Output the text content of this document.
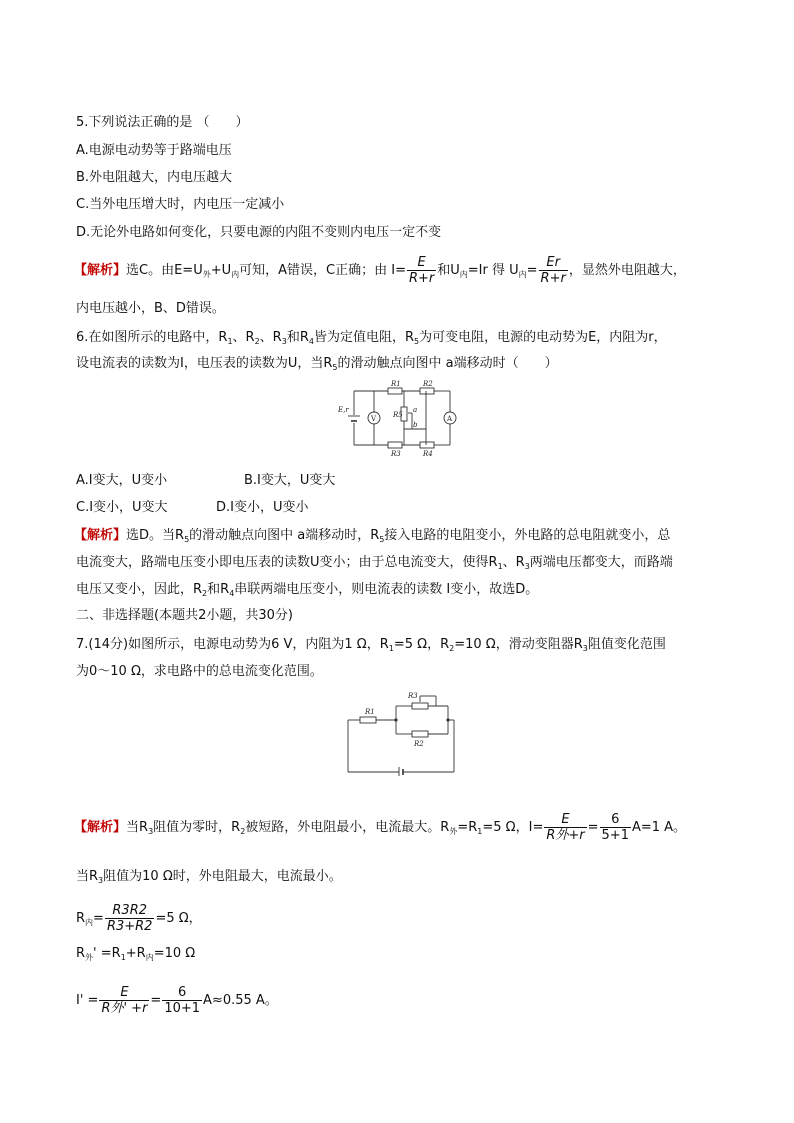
5.下列说法正确的是 （　　）
A.电源电动势等于路端电压
B.外电阻越大，内电压越大
C.当外电压增大时，内电压一定减小
D.无论外电路如何变化，只要电源的内阻不变则内电压一定不变
【解析】选C。由$E=U_外+U_内$可知，A错误，C正确；由 $I= \frac{E}{R+r}$ 和$U_内=Ir$ 得 $U_内= \frac{Er}{R+r}$ ，显然外电阻越大，
内电压越小，B、D错误。
6.在如图所示的电路中，$R_1$、$R_2$、$R_3$和$R_4$皆为定值电阻，$R_5$为可变电阻，电源的电动势为E，内阻为r，
设电流表的读数为I，电压表的读数为U，当$R_5$的滑动触点向图中 a端移动时（　　）
R1	R2
R3	R4
R5
a
b
E,r
V	A
A.I变大，U变小	B.I变大，U变大
C.I变小，U变大	D.I变小，U变小
【解析】选D。当$R_5$的滑动触点向图中 a端移动时，$R_5$接入电路的电阻变小，外电路的总电阻就变小，总
电流变大，路端电压变小即电压表的读数U变小；由于总电流变大，使得$R_1$、$R_3$两端电压都变大，而路端
电压又变小，因此，$R_2$和$R_4$串联两端电压变小，则电流表的读数 I变小，故选D。
二、非选择题(本题共2小题，共30分)
7.(14分)如图所示，电源电动势为6 V，内阻为1 Ω，$R_1=5$ Ω，$R_2=10$ Ω，滑动变阻器$R_3$阻值变化范围
为0～10 Ω，求电路中的总电流变化范围。
R1
R2
R3
【解析】当$R_3$阻值为零时，$R_2$被短路，外电阻最小，电流最大。$R_外=R_1=5$ Ω，$I= \frac{E}{\text{R外+r}} = \frac{6}{5+1} A=1$ A。
当$R_3$阻值为10 Ω时，外电阻最大，电流最小。
$R_内= \frac{R3R2}{R3+R2} =5$ Ω，
$R_外' =R_1+R_内=10$ Ω
$I' = \frac{E}{\text{R外' +r}} = \frac{6}{10+1} A\approx 0.55$ A。
